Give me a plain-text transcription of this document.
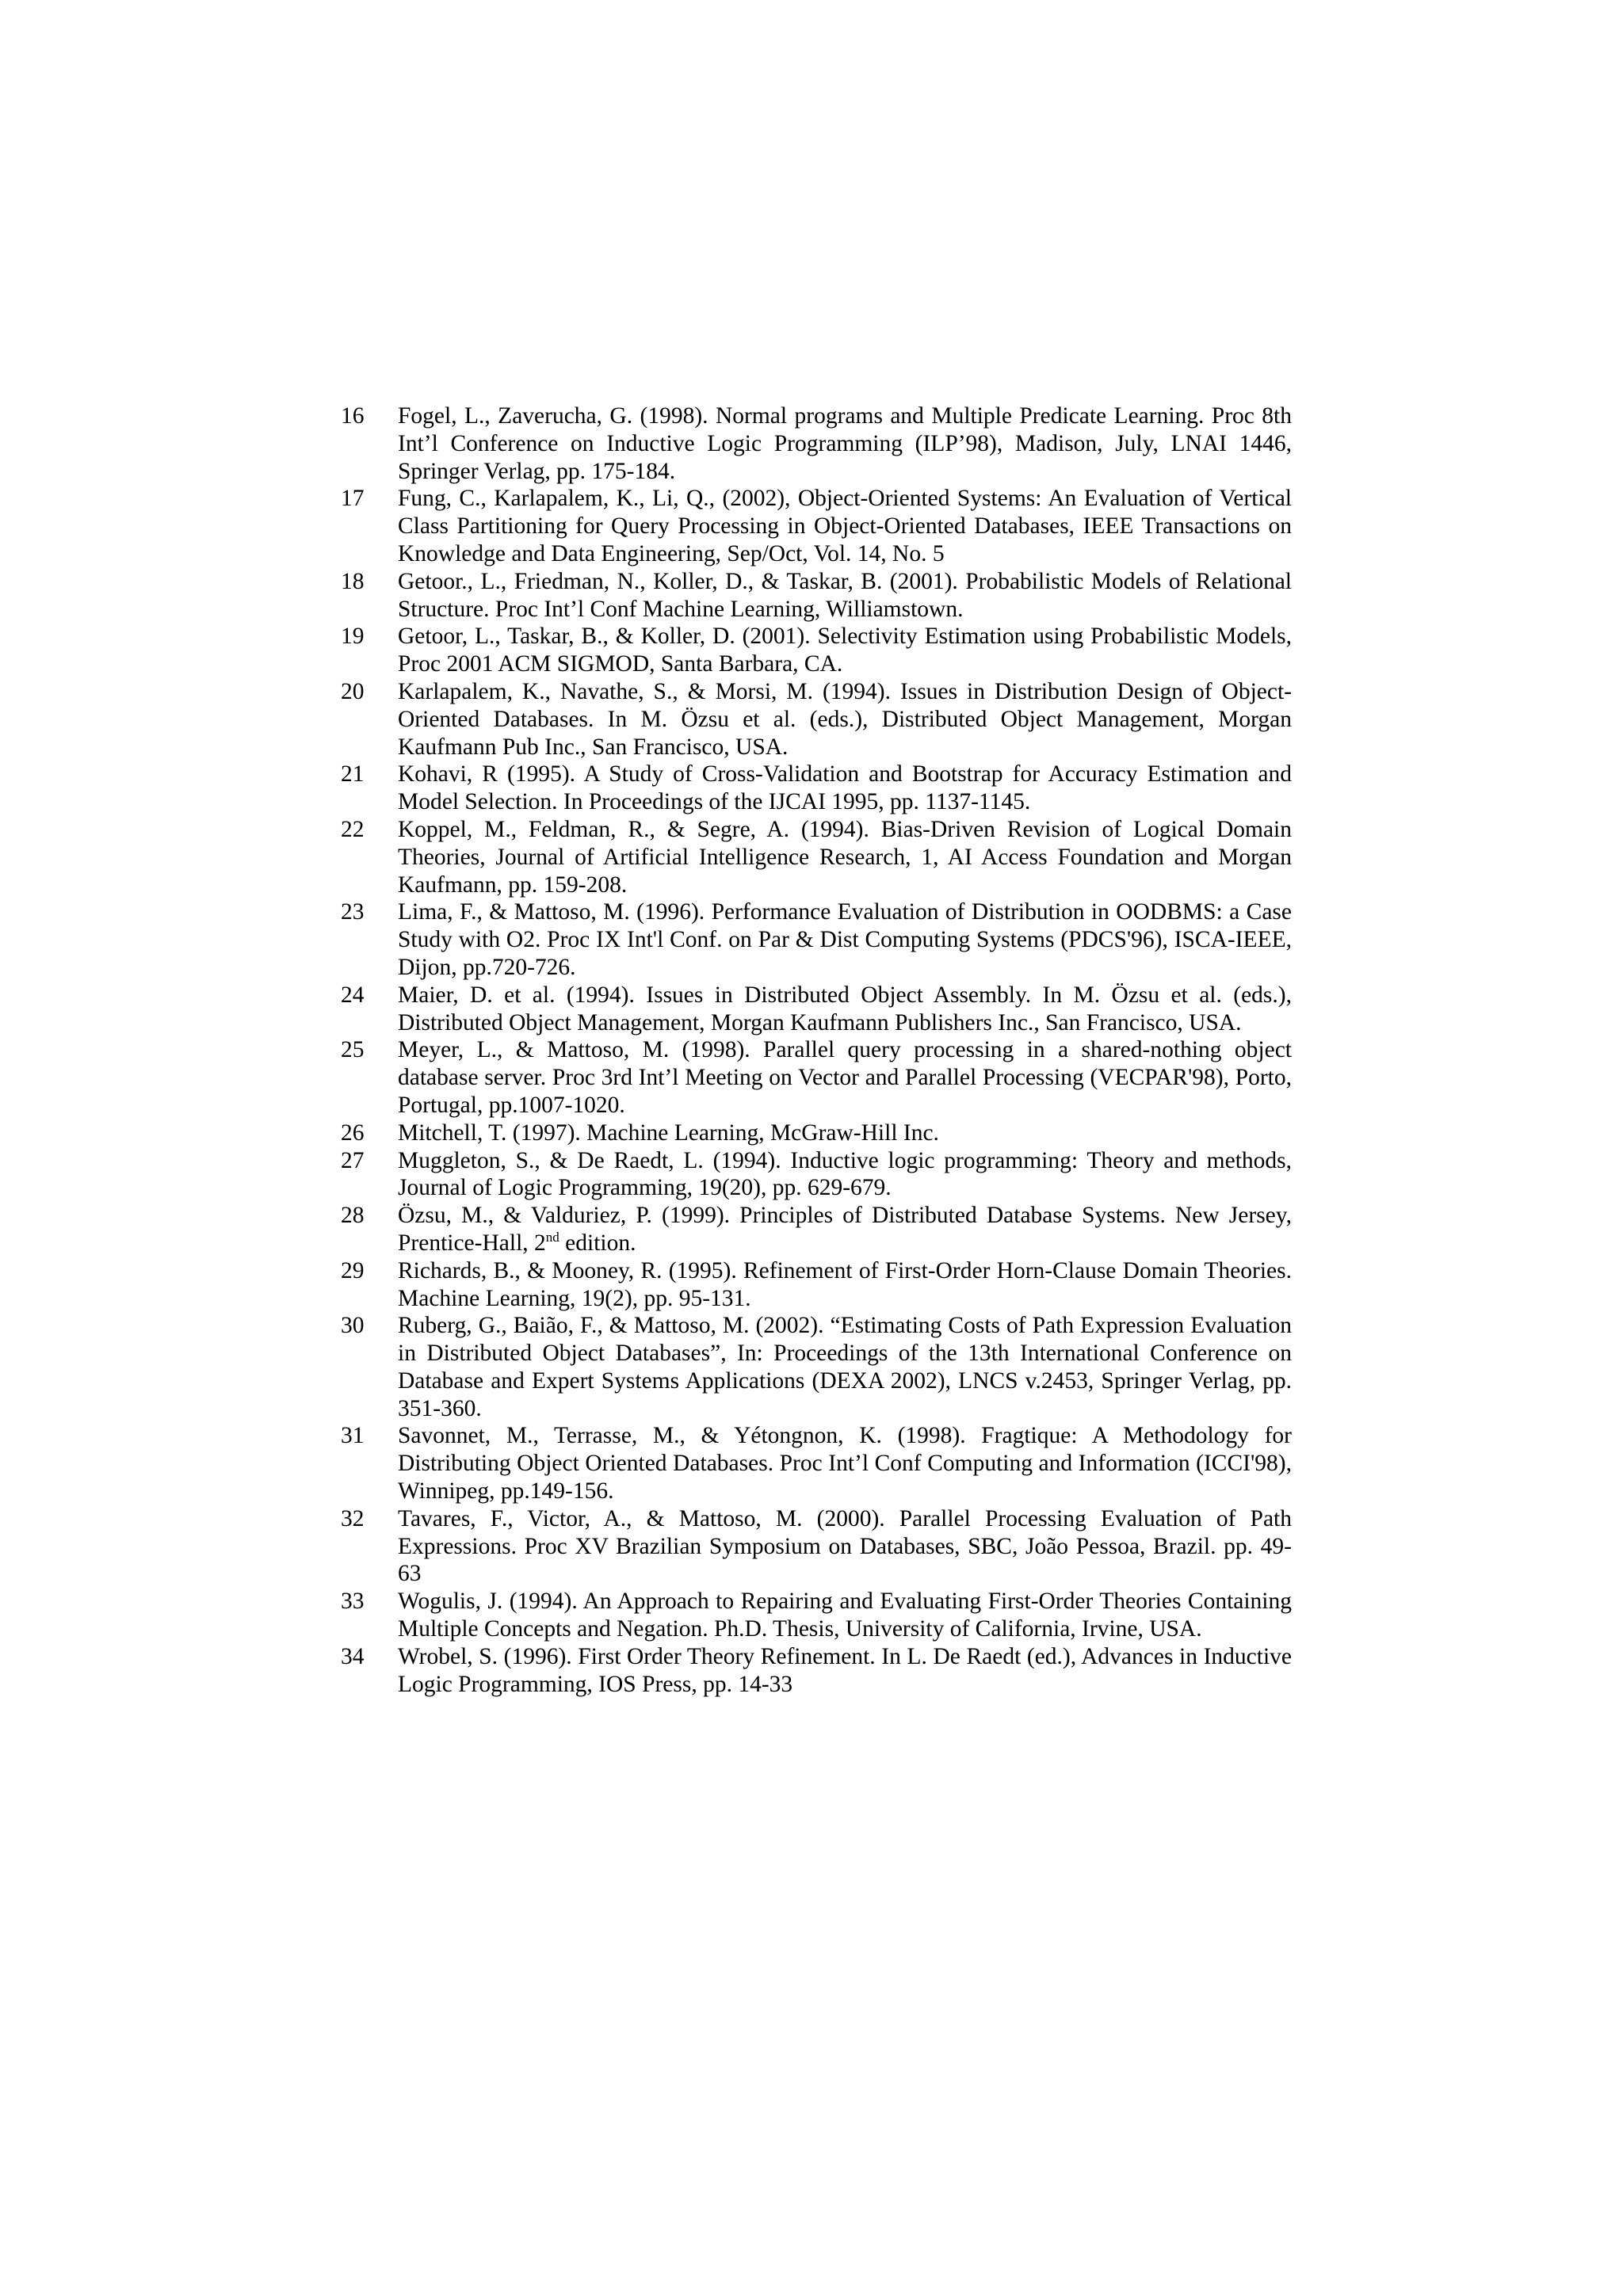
16	Fogel, L., Zaverucha, G. (1998). Normal programs and Multiple Predicate Learning. Proc 8th Int’l Conference on Inductive Logic Programming (ILP’98), Madison, July, LNAI 1446, Springer Verlag, pp. 175-184.
17	Fung, C., Karlapalem, K., Li, Q., (2002), Object-Oriented Systems: An Evaluation of Vertical Class Partitioning for Query Processing in Object-Oriented Databases, IEEE Transactions on Knowledge and Data Engineering, Sep/Oct, Vol. 14, No. 5
18	Getoor., L., Friedman, N., Koller, D., & Taskar, B. (2001). Probabilistic Models of Relational Structure. Proc Int’l Conf Machine Learning, Williamstown.
19	Getoor, L., Taskar, B., & Koller, D. (2001). Selectivity Estimation using Probabilistic Models, Proc 2001 ACM SIGMOD, Santa Barbara, CA.
20	Karlapalem, K., Navathe, S., & Morsi, M. (1994). Issues in Distribution Design of Object-Oriented Databases. In M. Özsu et al. (eds.), Distributed Object Management, Morgan Kaufmann Pub Inc., San Francisco, USA.
21	Kohavi, R (1995). A Study of Cross-Validation and Bootstrap for Accuracy Estimation and Model Selection. In Proceedings of the IJCAI 1995, pp. 1137-1145.
22	Koppel, M., Feldman, R., & Segre, A. (1994). Bias-Driven Revision of Logical Domain Theories, Journal of Artificial Intelligence Research, 1, AI Access Foundation and Morgan Kaufmann, pp. 159-208.
23	Lima, F., & Mattoso, M. (1996). Performance Evaluation of Distribution in OODBMS: a Case Study with O2. Proc IX Int'l Conf. on Par & Dist Computing Systems (PDCS'96), ISCA-IEEE, Dijon, pp.720-726.
24	Maier, D. et al. (1994). Issues in Distributed Object Assembly. In M. Özsu et al. (eds.), Distributed Object Management, Morgan Kaufmann Publishers Inc., San Francisco, USA.
25	Meyer, L., & Mattoso, M. (1998). Parallel query processing in a shared-nothing object database server. Proc 3rd Int’l Meeting on Vector and Parallel Processing (VECPAR'98), Porto, Portugal, pp.1007-1020.
26	Mitchell, T. (1997). Machine Learning, McGraw-Hill Inc.
27	Muggleton, S., & De Raedt, L. (1994). Inductive logic programming: Theory and methods, Journal of Logic Programming, 19(20), pp. 629-679.
28	Özsu, M., & Valduriez, P. (1999). Principles of Distributed Database Systems. New Jersey, Prentice-Hall, 2nd edition.
29	Richards, B., & Mooney, R. (1995). Refinement of First-Order Horn-Clause Domain Theories. Machine Learning, 19(2), pp. 95-131.
30	Ruberg, G., Baião, F., & Mattoso, M. (2002). “Estimating Costs of Path Expression Evaluation in Distributed Object Databases”, In: Proceedings of the 13th International Conference on Database and Expert Systems Applications (DEXA 2002), LNCS v.2453, Springer Verlag, pp. 351-360.
31	Savonnet, M., Terrasse, M., & Yétongnon, K. (1998). Fragtique: A Methodology for Distributing Object Oriented Databases. Proc Int’l Conf Computing and Information (ICCI'98), Winnipeg, pp.149-156.
32	Tavares, F., Victor, A., & Mattoso, M. (2000). Parallel Processing Evaluation of Path Expressions. Proc XV Brazilian Symposium on Databases, SBC, João Pessoa, Brazil. pp. 49-63
33	Wogulis, J. (1994). An Approach to Repairing and Evaluating First-Order Theories Containing Multiple Concepts and Negation. Ph.D. Thesis, University of California, Irvine, USA.
34	Wrobel, S. (1996). First Order Theory Refinement. In L. De Raedt (ed.), Advances in Inductive Logic Programming, IOS Press, pp. 14-33
